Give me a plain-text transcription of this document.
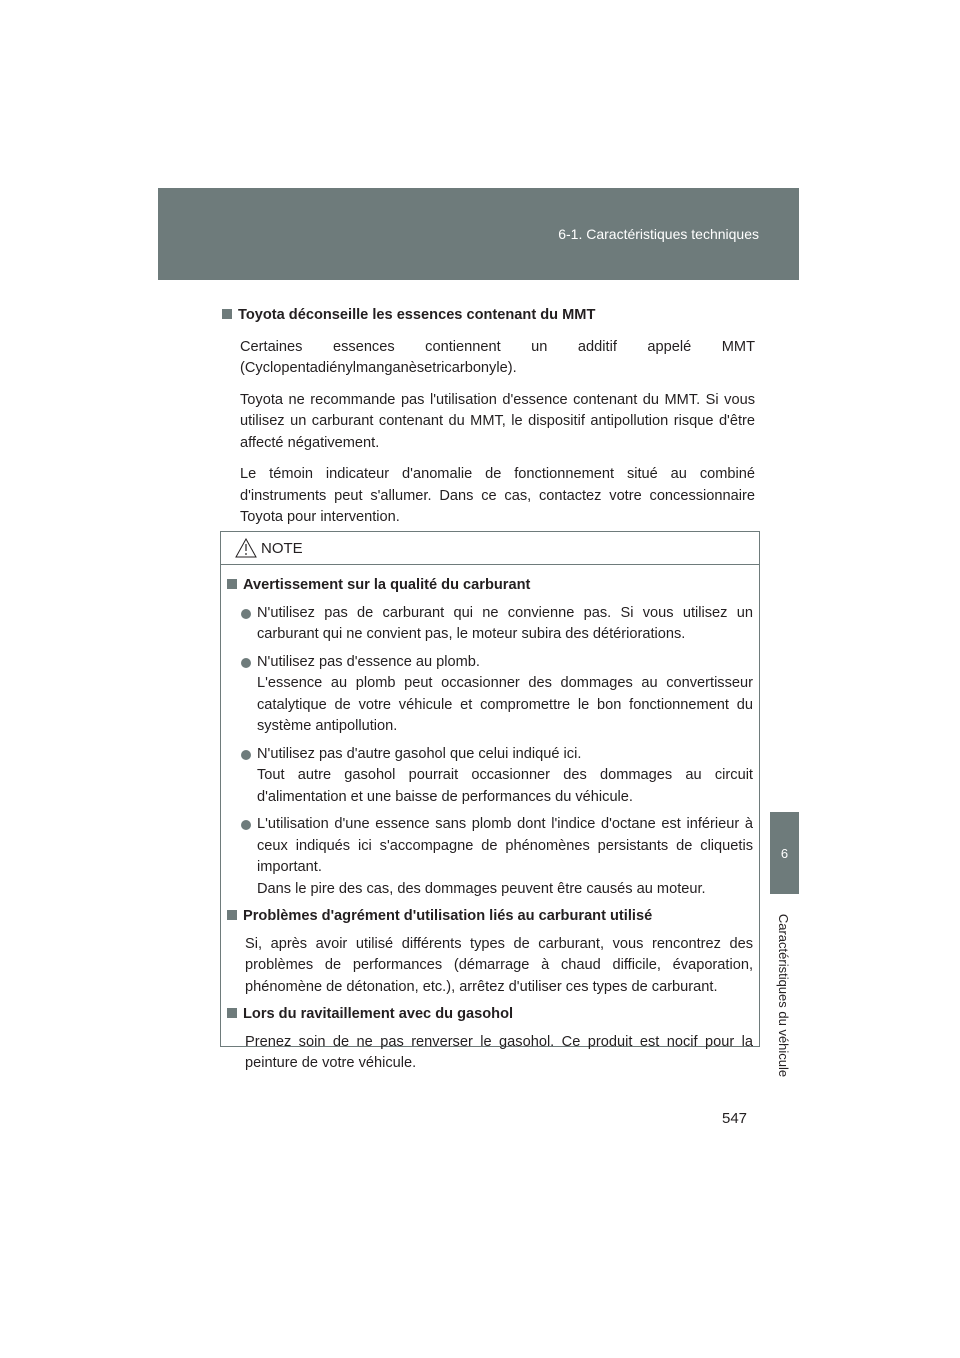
6-1. Caractéristiques techniques
6
Caractéristiques du véhicule
Toyota déconseille les essences contenant du MMT
Certaines essences contiennent un additif appelé MMT (Cyclopentadiénylmanganèsetricarbonyle).
Toyota ne recommande pas l'utilisation d'essence contenant du MMT. Si vous utilisez un carburant contenant du MMT, le dispositif antipollution risque d'être affecté négativement.
Le témoin indicateur d'anomalie de fonctionnement situé au combiné d'instruments peut s'allumer. Dans ce cas, contactez votre concessionnaire Toyota pour intervention.
NOTE
Avertissement sur la qualité du carburant
N'utilisez pas de carburant qui ne convienne pas. Si vous utilisez un carburant qui ne convient pas, le moteur subira des détériorations.
N'utilisez pas d'essence au plomb.
L'essence au plomb peut occasionner des dommages au convertisseur catalytique de votre véhicule et compromettre le bon fonctionnement du système antipollution.
N'utilisez pas d'autre gasohol que celui indiqué ici.
Tout autre gasohol pourrait occasionner des dommages au circuit d'alimentation et une baisse de performances du véhicule.
L'utilisation d'une essence sans plomb dont l'indice d'octane est inférieur à ceux indiqués ici s'accompagne de phénomènes persistants de cliquetis important.
Dans le pire des cas, des dommages peuvent être causés au moteur.
Problèmes d'agrément d'utilisation liés au carburant utilisé
Si, après avoir utilisé différents types de carburant, vous rencontrez des problèmes de performances (démarrage à chaud difficile, évaporation, phénomène de détonation, etc.), arrêtez d'utiliser ces types de carburant.
Lors du ravitaillement avec du gasohol
Prenez soin de ne pas renverser le gasohol. Ce produit est nocif pour la peinture de votre véhicule.
547
